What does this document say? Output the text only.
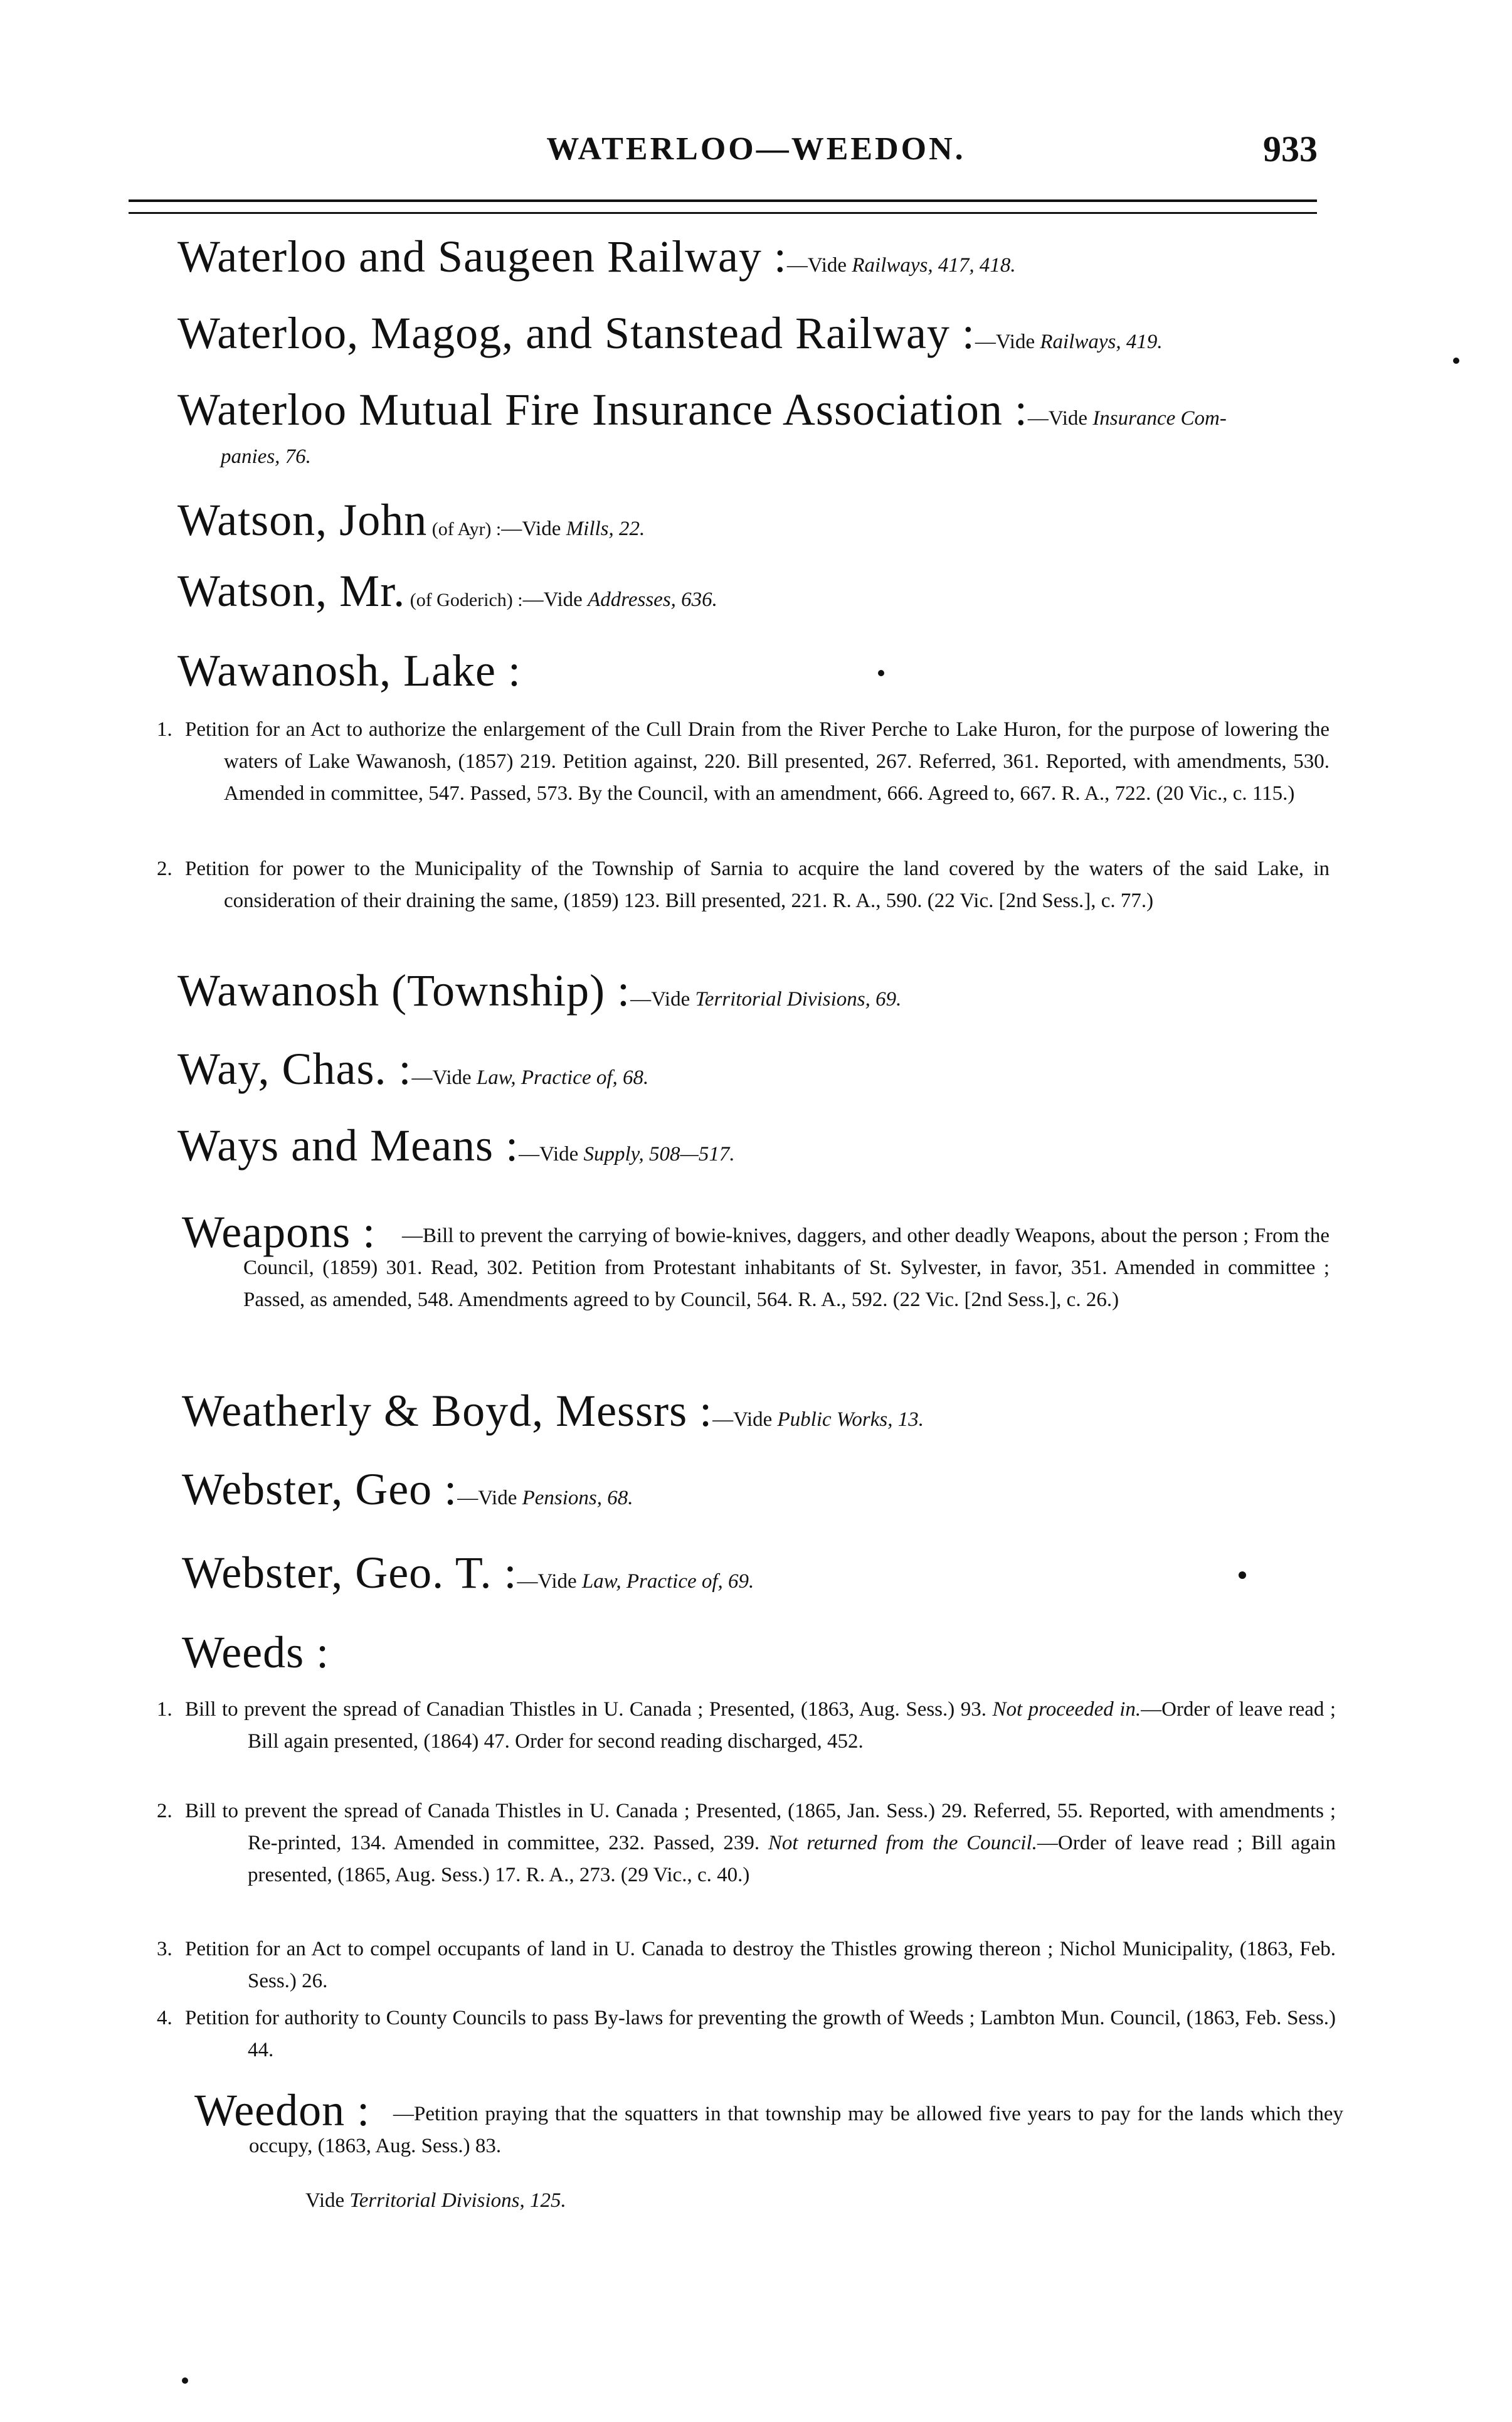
WATERLOO—WEEDON.	933
Waterloo and Saugeen Railway :—Vide Railways, 417, 418.
Waterloo, Magog, and Stanstead Railway :—Vide Railways, 419.
Waterloo Mutual Fire Insurance Association :—Vide Insurance Com-
panies, 76.
Watson, John (of Ayr) :—Vide Mills, 22.
Watson, Mr. (of Goderich) :—Vide Addresses, 636.
Wawanosh, Lake :
1. Petition for an Act to authorize the enlargement of the Cull Drain from the River Perche to Lake Huron, for the purpose of lowering the waters of Lake Wawanosh, (1857) 219. Petition against, 220. Bill presented, 267. Referred, 361. Reported, with amendments, 530. Amended in committee, 547. Passed, 573. By the Council, with an amendment, 666. Agreed to, 667. R. A., 722. (20 Vic., c. 115.)
2. Petition for power to the Municipality of the Township of Sarnia to acquire the land covered by the waters of the said Lake, in consideration of their draining the same, (1859) 123. Bill presented, 221. R. A., 590. (22 Vic. [2nd Sess.], c. 77.)
Wawanosh (Township) :—Vide Territorial Divisions, 69.
Way, Chas. :—Vide Law, Practice of, 68.
Ways and Means :—Vide Supply, 508—517.
Weapons :	—Bill to prevent the carrying of bowie-knives, daggers, and other deadly Weapons, about the person ; From the Council, (1859) 301. Read, 302. Petition from Protestant inhabitants of St. Sylvester, in favor, 351. Amended in committee ; Passed, as amended, 548. Amendments agreed to by Council, 564. R. A., 592. (22 Vic. [2nd Sess.], c. 26.)
Weatherly & Boyd, Messrs :—Vide Public Works, 13.
Webster, Geo :—Vide Pensions, 68.
Webster, Geo. T. :—Vide Law, Practice of, 69.
Weeds :
1. Bill to prevent the spread of Canadian Thistles in U. Canada ; Presented, (1863, Aug. Sess.) 93. Not proceeded in.—Order of leave read ; Bill again presented, (1864) 47. Order for second reading discharged, 452.
2. Bill to prevent the spread of Canada Thistles in U. Canada ; Presented, (1865, Jan. Sess.) 29. Referred, 55. Reported, with amendments ; Re-printed, 134. Amended in committee, 232. Passed, 239. Not returned from the Council.—Order of leave read ; Bill again presented, (1865, Aug. Sess.) 17. R. A., 273. (29 Vic., c. 40.)
3. Petition for an Act to compel occupants of land in U. Canada to destroy the Thistles growing thereon ; Nichol Municipality, (1863, Feb. Sess.) 26.
4. Petition for authority to County Councils to pass By-laws for preventing the growth of Weeds ; Lambton Mun. Council, (1863, Feb. Sess.) 44.
Weedon :	—Petition praying that the squatters in that township may be allowed five years to pay for the lands which they occupy, (1863, Aug. Sess.) 83.
Vide Territorial Divisions, 125.
